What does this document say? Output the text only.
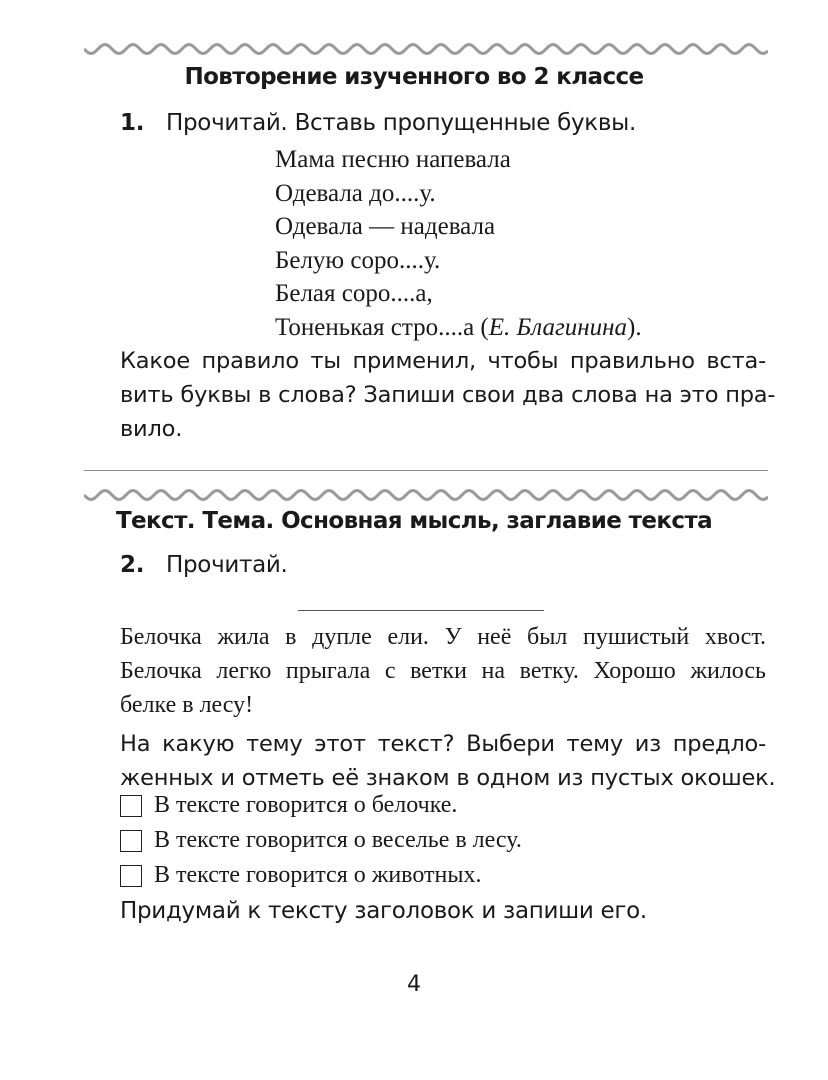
Повторение изученного во 2 классе
1. Прочитай. Вставь пропущенные буквы.
Мама песню напевала
Одевала до....у.
Одевала — надевала
Белую соро....у.
Белая соро....а,
Тоненькая стро....а (Е. Благинина).
Какое правило ты применил, чтобы правильно вста-
вить буквы в слова? Запиши свои два слова на это пра-
вило.
Текст. Тема. Основная мысль, заглавие текста
2. Прочитай.
Белочка жила в дупле ели. У неё был пушистый хвост.
Белочка легко прыгала с ветки на ветку. Хорошо жилось
белке в лесу!
На какую тему этот текст? Выбери тему из предло-
женных и отметь её знаком в одном из пустых окошек.
В тексте говорится о белочке.
В тексте говорится о веселье в лесу.
В тексте говорится о животных.
Придумай к тексту заголовок и запиши его.
4
